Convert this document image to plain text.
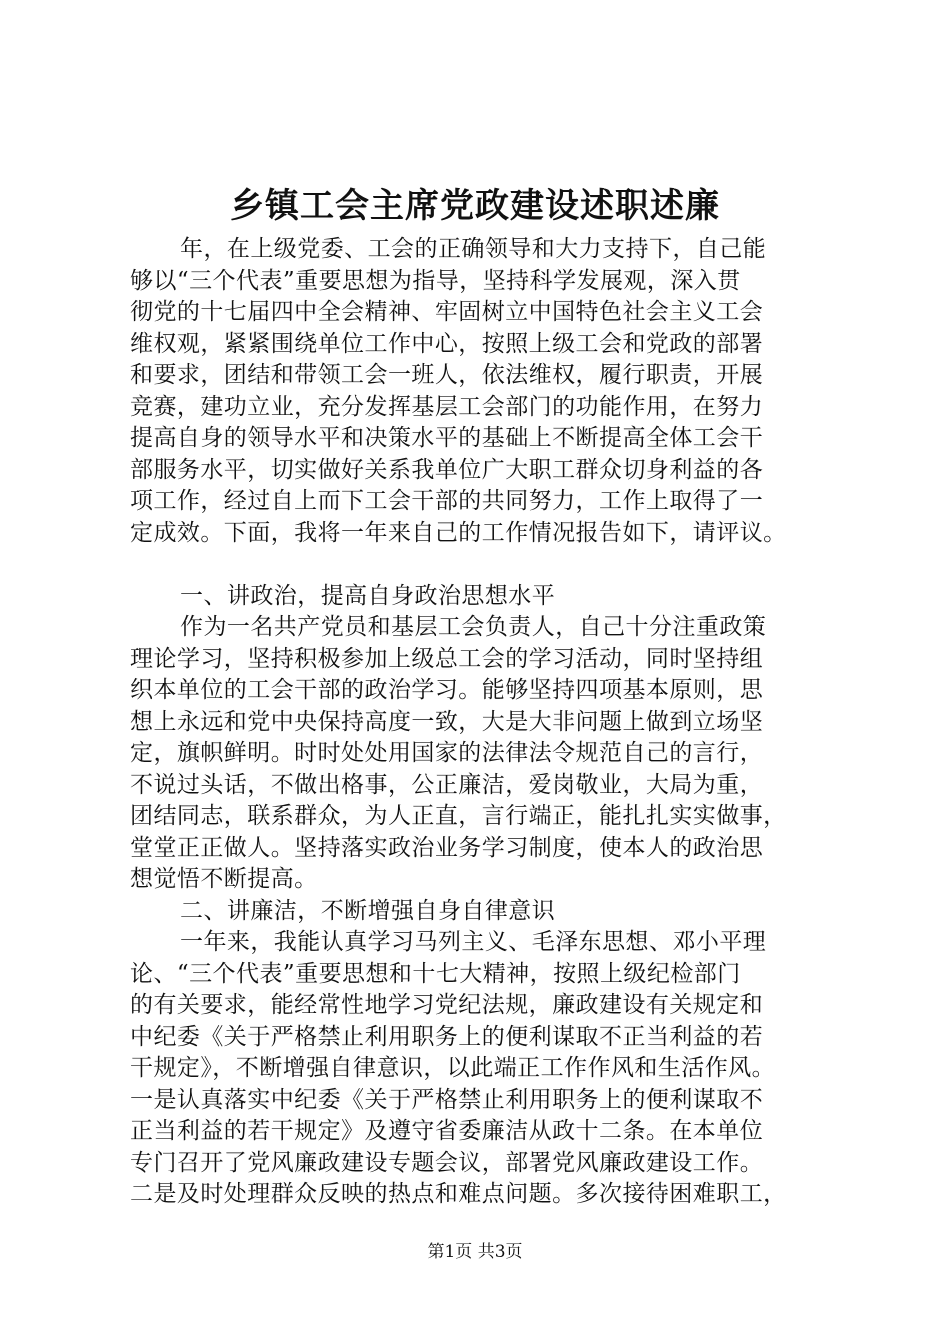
乡镇工会主席党政建设述职述廉
年，在上级党委、工会的正确领导和大力支持下，自己能
够以“三个代表”重要思想为指导，坚持科学发展观，深入贯
彻党的十七届四中全会精神、牢固树立中国特色社会主义工会
维权观，紧紧围绕单位工作中心，按照上级工会和党政的部署
和要求，团结和带领工会一班人，依法维权，履行职责，开展
竞赛，建功立业，充分发挥基层工会部门的功能作用，在努力
提高自身的领导水平和决策水平的基础上不断提高全体工会干
部服务水平，切实做好关系我单位广大职工群众切身利益的各
项工作，经过自上而下工会干部的共同努力，工作上取得了一
定成效。下面，我将一年来自己的工作情况报告如下，请评议。
一、讲政治，提高自身政治思想水平
作为一名共产党员和基层工会负责人，自己十分注重政策
理论学习，坚持积极参加上级总工会的学习活动，同时坚持组
织本单位的工会干部的政治学习。能够坚持四项基本原则，思
想上永远和党中央保持高度一致，大是大非问题上做到立场坚
定，旗帜鲜明。时时处处用国家的法律法令规范自己的言行，
不说过头话，不做出格事，公正廉洁，爱岗敬业，大局为重，
团结同志，联系群众，为人正直，言行端正，能扎扎实实做事，
堂堂正正做人。坚持落实政治业务学习制度，使本人的政治思
想觉悟不断提高。
二、讲廉洁，不断增强自身自律意识
一年来，我能认真学习马列主义、毛泽东思想、邓小平理
论、“三个代表”重要思想和十七大精神，按照上级纪检部门
的有关要求，能经常性地学习党纪法规，廉政建设有关规定和
中纪委《关于严格禁止利用职务上的便利谋取不正当利益的若
干规定》，不断增强自律意识，以此端正工作作风和生活作风。
一是认真落实中纪委《关于严格禁止利用职务上的便利谋取不
正当利益的若干规定》及遵守省委廉洁从政十二条。在本单位
专门召开了党风廉政建设专题会议，部署党风廉政建设工作。
二是及时处理群众反映的热点和难点问题。多次接待困难职工，
第1页 共3页
